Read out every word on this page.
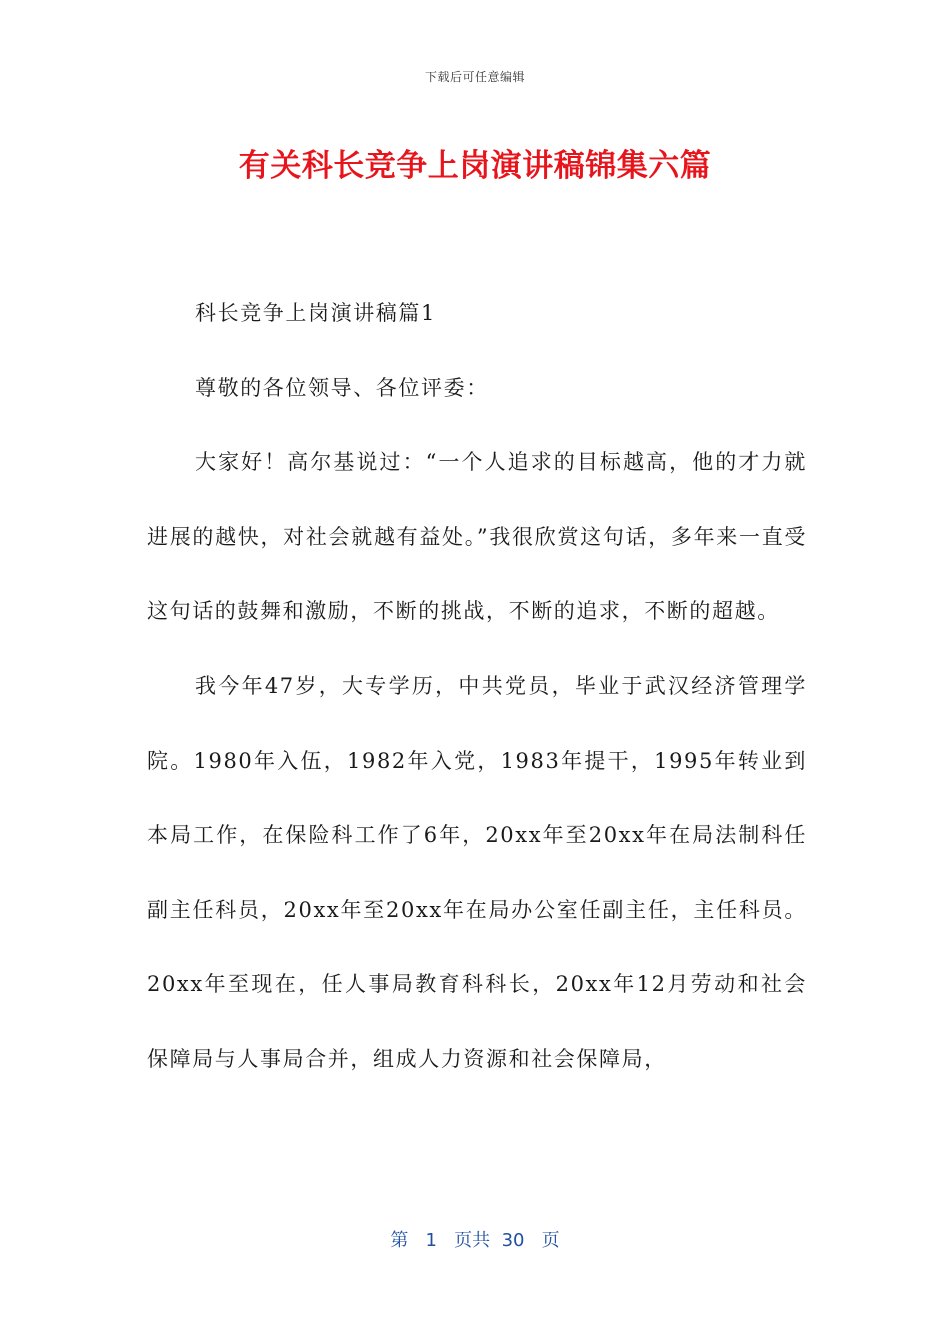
下载后可任意编辑
有关科长竞争上岗演讲稿锦集六篇

科长竞争上岗演讲稿篇1

尊敬的各位领导、各位评委：

大家好！高尔基说过：“一个人追求的目标越高，他的才力就进展的越快，对社会就越有益处。”我很欣赏这句话，多年来一直受这句话的鼓舞和激励，不断的挑战，不断的追求，不断的超越。

我今年47岁，大专学历，中共党员，毕业于武汉经济管理学院。1980年入伍，1982年入党，1983年提干，1995年转业到本局工作，在保险科工作了6年，20xx年至20xx年在局法制科任副主任科员，20xx年至20xx年在局办公室任副主任，主任科员。20xx年至现在，任人事局教育科科长，20xx年12月劳动和社会保障局与人事局合并，组成人力资源和社会保障局，

第 1 页共 30 页
